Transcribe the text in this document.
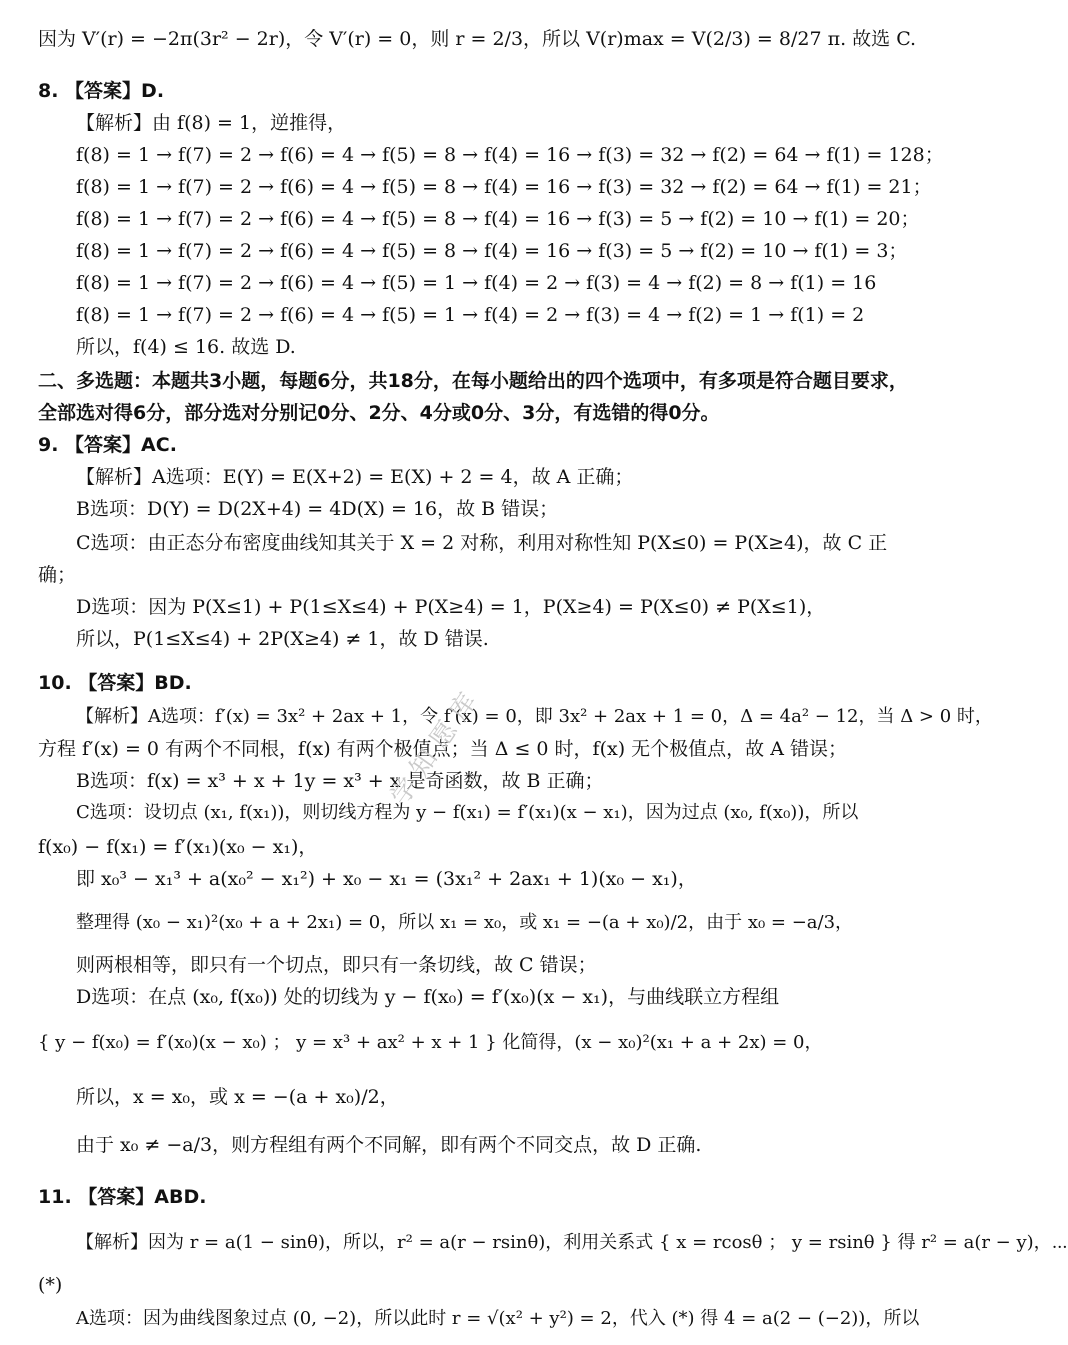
因为 V′(r) = −2π(3r² − 2r)，令 V′(r) = 0，则 r = 2/3，所以 V(r)max = V(2/3) = 8/27 π. 故选 C.
8. 【答案】D.
【解析】由 f(8) = 1，逆推得，
f(8) = 1 → f(7) = 2 → f(6) = 4 → f(5) = 8 → f(4) = 16 → f(3) = 32 → f(2) = 64 → f(1) = 128；
f(8) = 1 → f(7) = 2 → f(6) = 4 → f(5) = 8 → f(4) = 16 → f(3) = 32 → f(2) = 64 → f(1) = 21；
f(8) = 1 → f(7) = 2 → f(6) = 4 → f(5) = 8 → f(4) = 16 → f(3) = 5 → f(2) = 10 → f(1) = 20；
f(8) = 1 → f(7) = 2 → f(6) = 4 → f(5) = 8 → f(4) = 16 → f(3) = 5 → f(2) = 10 → f(1) = 3；
f(8) = 1 → f(7) = 2 → f(6) = 4 → f(5) = 1 → f(4) = 2 → f(3) = 4 → f(2) = 8 → f(1) = 16
f(8) = 1 → f(7) = 2 → f(6) = 4 → f(5) = 1 → f(4) = 2 → f(3) = 4 → f(2) = 1 → f(1) = 2
所以，f(4) ≤ 16. 故选 D.
二、多选题：本题共3小题，每题6分，共18分，在每小题给出的四个选项中，有多项是符合题目要求，
全部选对得6分，部分选对分别记0分、2分、4分或0分、3分，有选错的得0分。
9. 【答案】AC.
【解析】A选项：E(Y) = E(X+2) = E(X) + 2 = 4，故 A 正确；
B选项：D(Y) = D(2X+4) = 4D(X) = 16，故 B 错误；
C选项：由正态分布密度曲线知其关于 X = 2 对称，利用对称性知 P(X≤0) = P(X≥4)，故 C 正
确；
D选项：因为 P(X≤1) + P(1≤X≤4) + P(X≥4) = 1，P(X≥4) = P(X≤0) ≠ P(X≤1)，
所以，P(1≤X≤4) + 2P(X≥4) ≠ 1，故 D 错误.
10. 【答案】BD.
【解析】A选项：f′(x) = 3x² + 2ax + 1，令 f′(x) = 0，即 3x² + 2ax + 1 = 0，Δ = 4a² − 12，当 Δ > 0 时，
方程 f′(x) = 0 有两个不同根，f(x) 有两个极值点；当 Δ ≤ 0 时，f(x) 无个极值点，故 A 错误；
B选项：f(x) = x³ + x + 1y = x³ + x 是奇函数，故 B 正确；
C选项：设切点 (x₁, f(x₁))，则切线方程为 y − f(x₁) = f′(x₁)(x − x₁)，因为过点 (x₀, f(x₀))，所以
f(x₀) − f(x₁) = f′(x₁)(x₀ − x₁)，
即 x₀³ − x₁³ + a(x₀² − x₁²) + x₀ − x₁ = (3x₁² + 2ax₁ + 1)(x₀ − x₁)，
整理得 (x₀ − x₁)²(x₀ + a + 2x₁) = 0，所以 x₁ = x₀，或 x₁ = −(a + x₀)/2，由于 x₀ = −a/3，
则两根相等，即只有一个切点，即只有一条切线，故 C 错误；
D选项：在点 (x₀, f(x₀)) 处的切线为 y − f(x₀) = f′(x₀)(x − x₁)，与曲线联立方程组
{ y − f(x₀) = f′(x₀)(x − x₀) ； y = x³ + ax² + x + 1 } 化简得，(x − x₀)²(x₁ + a + 2x) = 0，
所以，x = x₀，或 x = −(a + x₀)/2，
由于 x₀ ≠ −a/3，则方程组有两个不同解，即有两个不同交点，故 D 正确.
11. 【答案】ABD.
【解析】因为 r = a(1 − sinθ)，所以，r² = a(r − rsinθ)，利用关系式 { x = rcosθ ； y = rsinθ } 得 r² = a(r − y)，⋯
(*)
A选项：因为曲线图象过点 (0, −2)，所以此时 r = √(x² + y²) = 2，代入 (*) 得 4 = a(2 − (−2))，所以
学 知 愿 库
